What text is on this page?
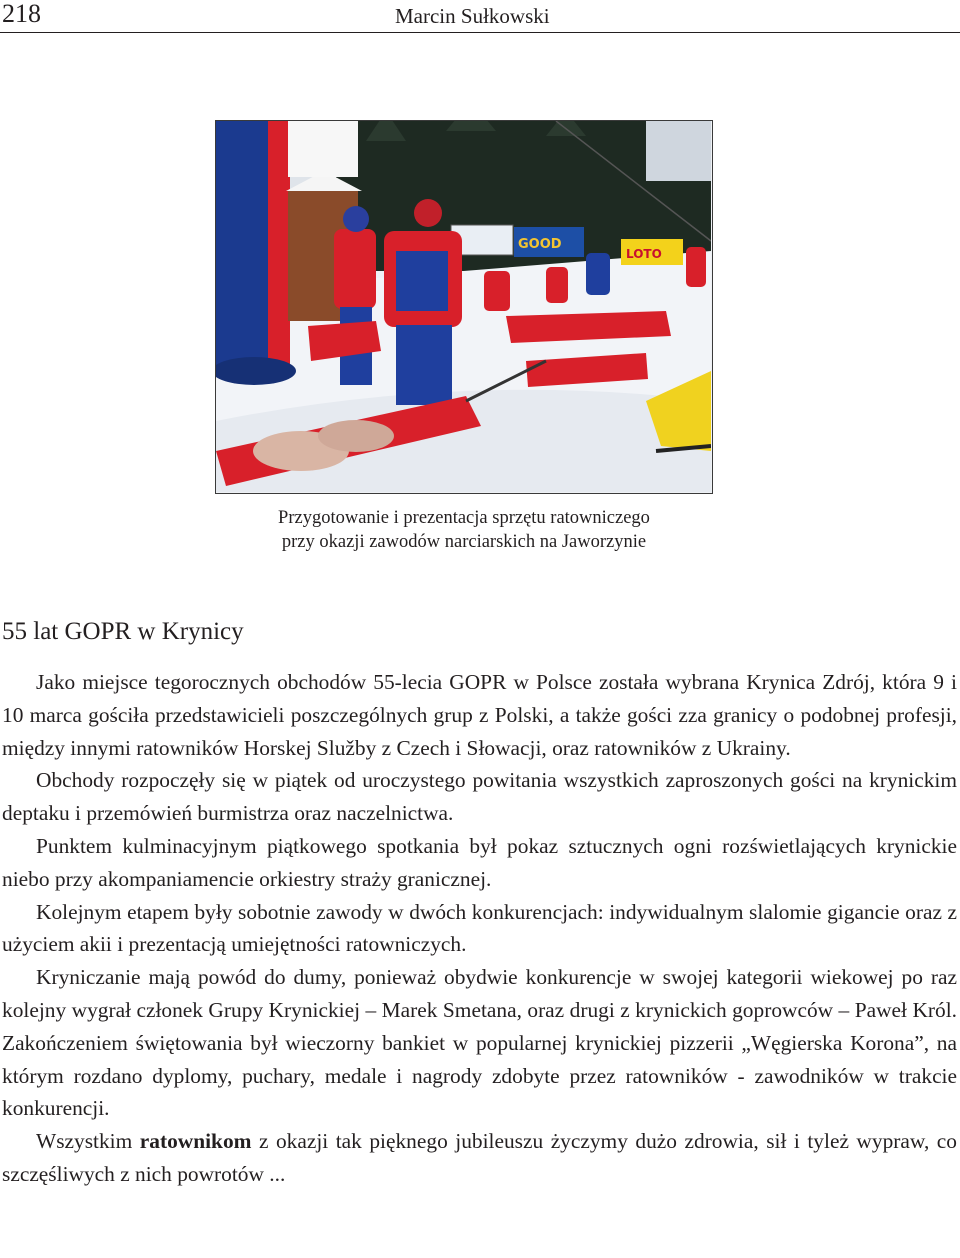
218	Marcin Sułkowski
GOOD
LOTO
Przygotowanie i prezentacja sprzętu ratowniczego
przy okazji zawodów narciarskich na Jaworzynie
55 lat GOPR w Krynicy

Jako miejsce tegorocznych obchodów 55-lecia GOPR w Polsce została wybrana Krynica Zdrój, która 9 i 10 marca gościła przedstawicieli poszczególnych grup z Polski, a także gości zza granicy o podobnej profesji, między innymi ratowników Horskej Služby z Czech i Słowacji, oraz ratowników z Ukrainy.

Obchody rozpoczęły się w piątek od uroczystego powitania wszystkich zaproszonych gości na krynickim deptaku i przemówień burmistrza oraz naczelnictwa.

Punktem kulminacyjnym piątkowego spotkania był pokaz sztucznych ogni rozświetlających krynickie niebo przy akompaniamencie orkiestry straży granicznej.

Kolejnym etapem były sobotnie zawody w dwóch konkurencjach: indywidualnym slalomie gigancie oraz z użyciem akii i prezentacją umiejętności ratowniczych.

Kryniczanie mają powód do dumy, ponieważ obydwie konkurencje w swojej kategorii wiekowej po raz kolejny wygrał członek Grupy Krynickiej – Marek Smetana, oraz drugi z krynickich goprowców – Paweł Król. Zakończeniem świętowania był wieczorny bankiet w popularnej krynickiej pizzerii „Węgierska Korona”, na którym rozdano dyplomy, puchary, medale i nagrody zdobyte przez ratowników - zawodników w trakcie konkurencji.

Wszystkim ratownikom z okazji tak pięknego jubileuszu życzymy dużo zdrowia, sił i tyleż wypraw, co szczęśliwych z nich powrotów ...
